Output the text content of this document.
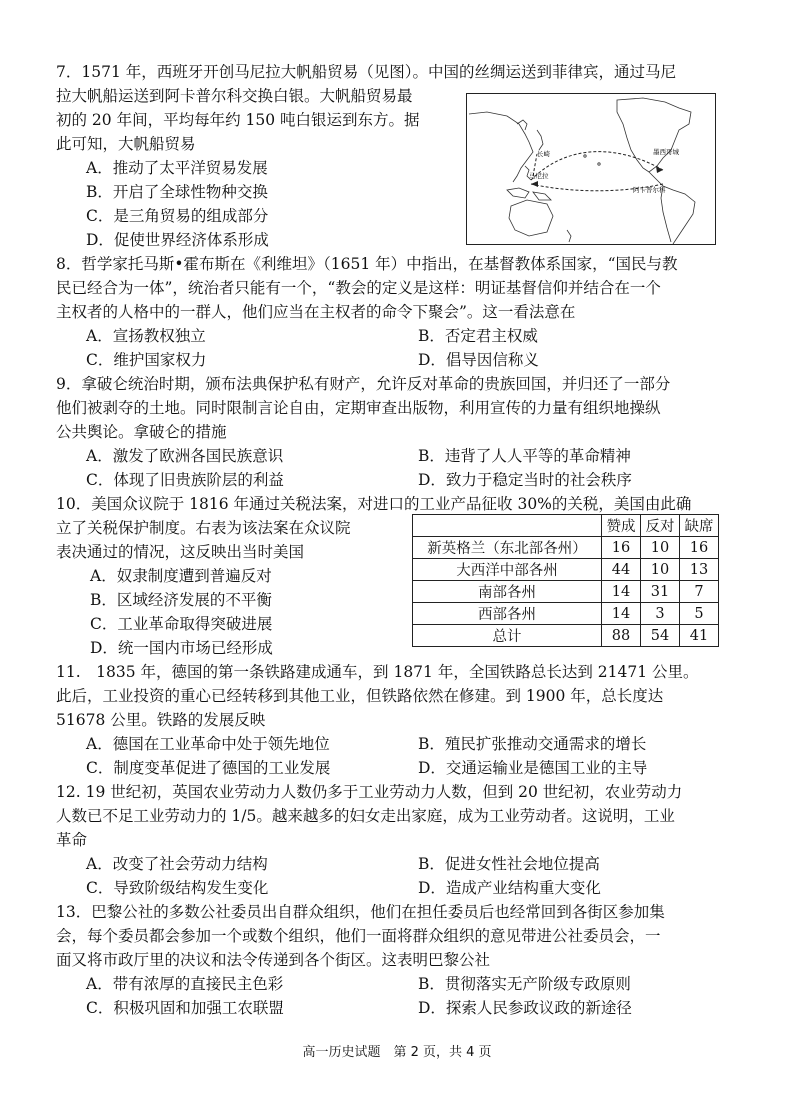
7．1571 年，西班牙开创马尼拉大帆船贸易（见图）。中国的丝绸运送到菲律宾，通过马尼
拉大帆船运送到阿卡普尔科交换白银。大帆船贸易最
初的 20 年间，平均每年约 150 吨白银运到东方。据
此可知，大帆船贸易
A．推动了太平洋贸易发展
B．开启了全球性物种交换
C．是三角贸易的组成部分
D．促使世界经济体系形成
长崎
马尼拉
墨西哥城
阿卡普尔科
8．哲学家托马斯•霍布斯在《利维坦》（1651 年）中指出，在基督教体系国家，“国民与教
民已经合为一体”，统治者只能有一个，“教会的定义是这样：明证基督信仰并结合在一个
主权者的人格中的一群人，他们应当在主权者的命令下聚会”。这一看法意在
A．宣扬教权独立	B．否定君主权威
C．维护国家权力	D．倡导因信称义
9．拿破仑统治时期，颁布法典保护私有财产，允许反对革命的贵族回国，并归还了一部分
他们被剥夺的土地。同时限制言论自由，定期审查出版物，利用宣传的力量有组织地操纵
公共舆论。拿破仑的措施
A．激发了欧洲各国民族意识	B．违背了人人平等的革命精神
C．体现了旧贵族阶层的利益	D．致力于稳定当时的社会秩序
10．美国众议院于 1816 年通过关税法案，对进口的工业产品征收 30%的关税，美国由此确
立了关税保护制度。右表为该法案在众议院
表决通过的情况，这反映出当时美国
A．奴隶制度遭到普遍反对
B．区域经济发展的不平衡
C．工业革命取得突破进展
D．统一国内市场已经形成
	赞成	反对	缺席
新英格兰（东北部各州）	16	10	16
大西洋中部各州	44	10	13
南部各州	14	31	7
西部各州	14	3	5
总计	88	54	41
11.　1835 年，德国的第一条铁路建成通车，到 1871 年，全国铁路总长达到 21471 公里。
此后，工业投资的重心已经转移到其他工业，但铁路依然在修建。到 1900 年，总长度达
51678 公里。铁路的发展反映
A．德国在工业革命中处于领先地位	B．殖民扩张推动交通需求的增长
C．制度变革促进了德国的工业发展	D．交通运输业是德国工业的主导
12. 19 世纪初，英国农业劳动力人数仍多于工业劳动力人数，但到 20 世纪初，农业劳动力
人数已不足工业劳动力的 1/5。越来越多的妇女走出家庭，成为工业劳动者。这说明，工业
革命
A．改变了社会劳动力结构	B．促进女性社会地位提高
C．导致阶级结构发生变化	D．造成产业结构重大变化
13．巴黎公社的多数公社委员出自群众组织，他们在担任委员后也经常回到各街区参加集
会，每个委员都会参加一个或数个组织，他们一面将群众组织的意见带进公社委员会，一
面又将市政厅里的决议和法令传递到各个街区。这表明巴黎公社
A．带有浓厚的直接民主色彩	B．贯彻落实无产阶级专政原则
C．积极巩固和加强工农联盟	D．探索人民参政议政的新途径
高一历史试题　第 2 页，共 4 页
